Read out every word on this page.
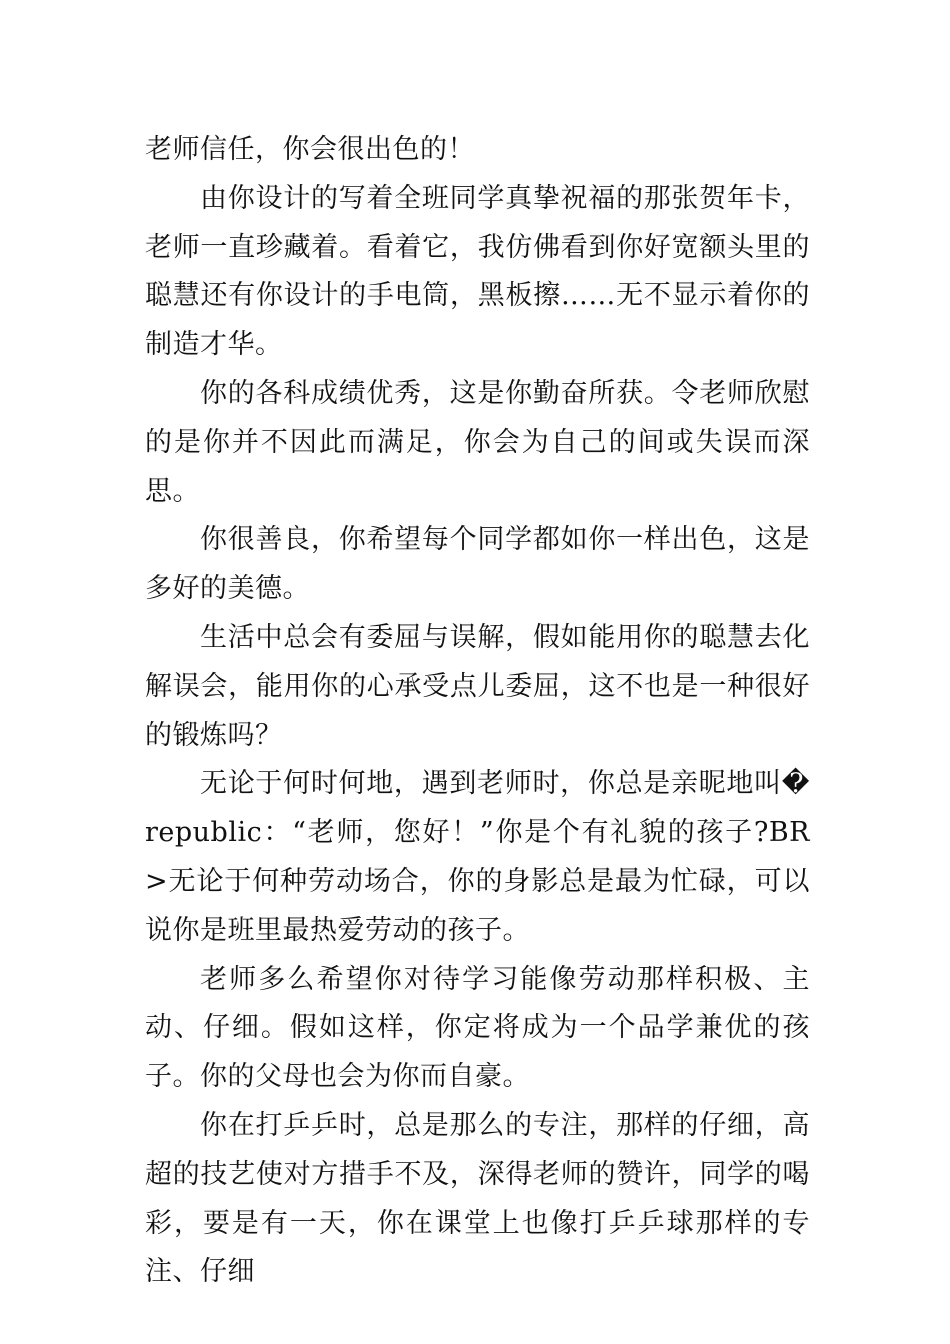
老师信任，你会很出色的！

由你设计的写着全班同学真挚祝福的那张贺年卡，老师一直珍藏着。看着它，我仿佛看到你好宽额头里的聪慧还有你设计的手电筒，黑板擦……无不显示着你的制造才华。

你的各科成绩优秀，这是你勤奋所获。令老师欣慰的是你并不因此而满足，你会为自己的间或失误而深思。

你很善良，你希望每个同学都如你一样出色，这是多好的美德。

生活中总会有委屈与误解，假如能用你的聪慧去化解误会，能用你的心承受点儿委屈，这不也是一种很好的锻炼吗？

无论于何时何地，遇到老师时，你总是亲昵地叫�republic：“老师，您好！”你是个有礼貌的孩子?BR>无论于何种劳动场合，你的身影总是最为忙碌，可以说你是班里最热爱劳动的孩子。

老师多么希望你对待学习能像劳动那样积极、主动、仔细。假如这样，你定将成为一个品学兼优的孩子。你的父母也会为你而自豪。

你在打乒乒时，总是那么的专注，那样的仔细，高超的技艺使对方措手不及，深得老师的赞许，同学的喝彩，要是有一天，你在课堂上也像打乒乒球那样的专注、仔细
